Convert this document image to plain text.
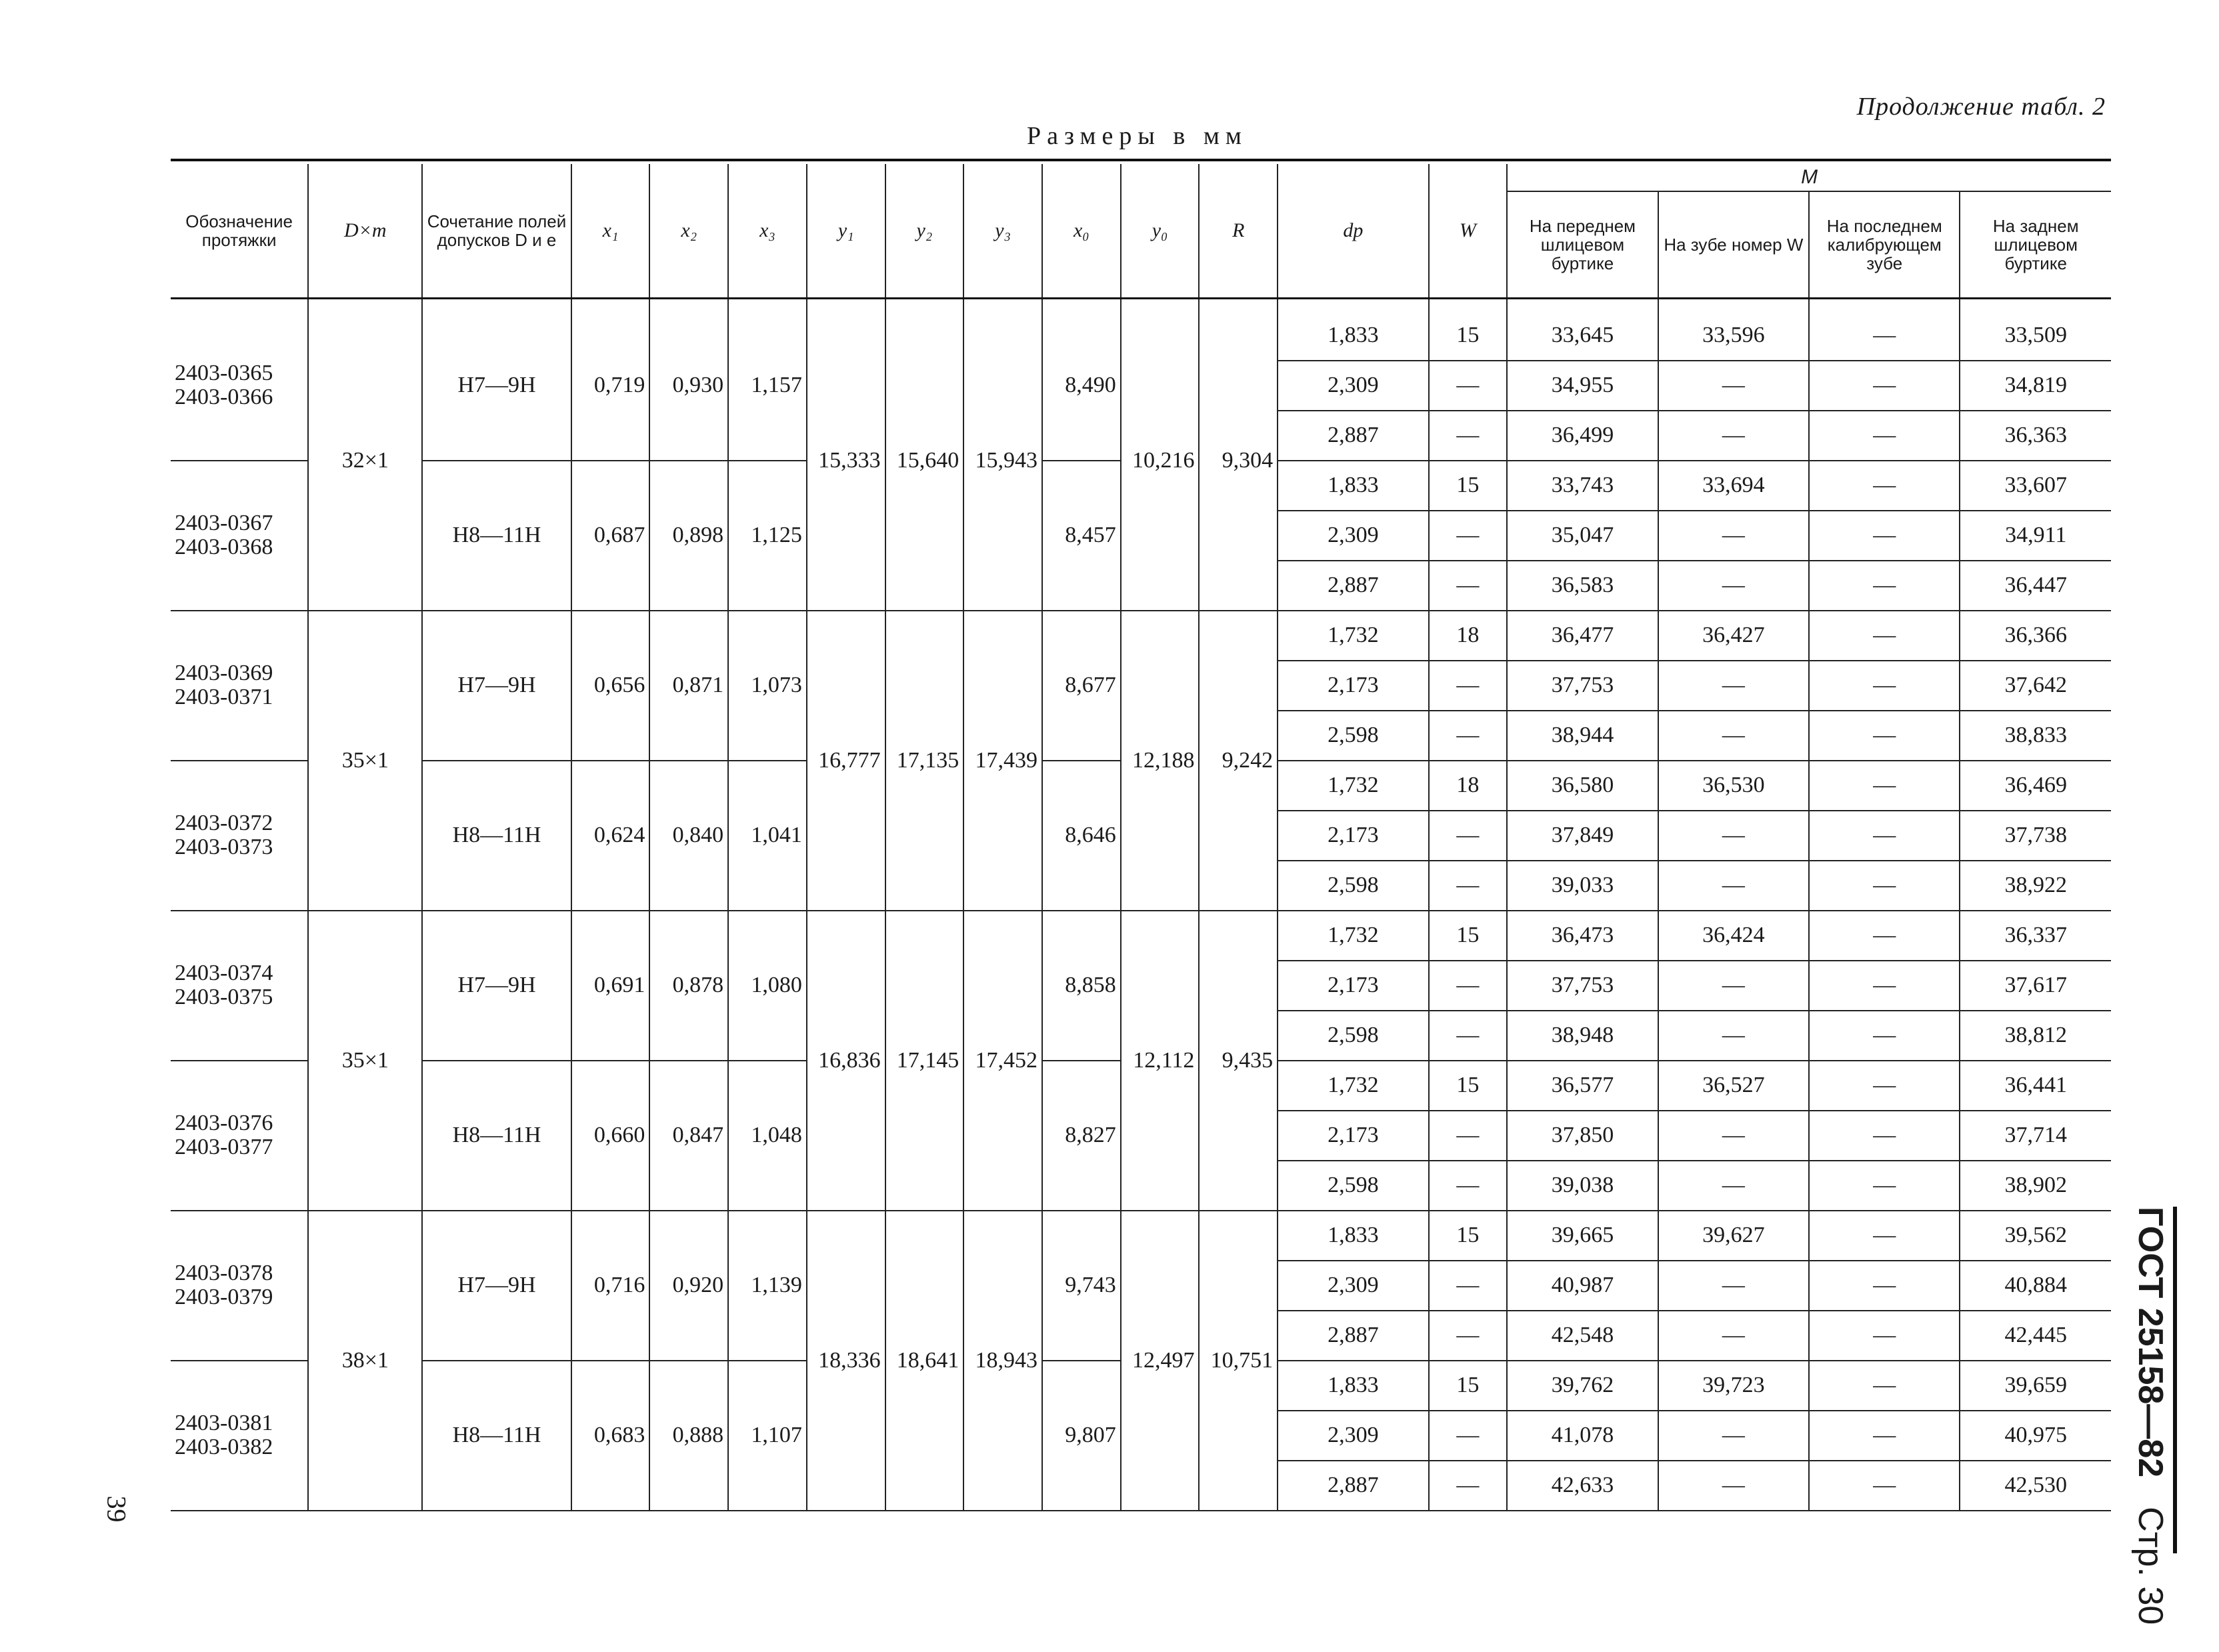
Продолжение табл. 2
Размеры в мм
Обозначение протяжки	D×m	Сочетание полей допусков D и e	x₁	x₂	x₃	y₁	y₂	y₃	x₀	y₀	R	dp	W	M			
														На переднем шлицевом буртике	На зубе номер W	На последнем калибрующем зубе	На заднем шлицевом буртике

2403-0365
2403-0366	32×1	H7—9H	0,719	0,930	1,157	15,333	15,640	15,943	8,490	10,216	9,304	1,833	15	33,645	33,596	—	33,509
												2,309	—	34,955	—	—	34,819
												2,887	—	36,499	—	—	36,363
2403-0367
2403-0368		H8—11H	0,687	0,898	1,125				8,457			1,833	15	33,743	33,694	—	33,607
												2,309	—	35,047	—	—	34,911
												2,887	—	36,583	—	—	36,447
2403-0369
2403-0371	35×1	H7—9H	0,656	0,871	1,073	16,777	17,135	17,439	8,677	12,188	9,242	1,732	18	36,477	36,427	—	36,366
												2,173	—	37,753	—	—	37,642
												2,598	—	38,944	—	—	38,833
2403-0372
2403-0373		H8—11H	0,624	0,840	1,041				8,646			1,732	18	36,580	36,530	—	36,469
												2,173	—	37,849	—	—	37,738
												2,598	—	39,033	—	—	38,922
2403-0374
2403-0375	35×1	H7—9H	0,691	0,878	1,080	16,836	17,145	17,452	8,858	12,112	9,435	1,732	15	36,473	36,424	—	36,337
												2,173	—	37,753	—	—	37,617
												2,598	—	38,948	—	—	38,812
2403-0376
2403-0377		H8—11H	0,660	0,847	1,048				8,827			1,732	15	36,577	36,527	—	36,441
												2,173	—	37,850	—	—	37,714
												2,598	—	39,038	—	—	38,902
2403-0378
2403-0379	38×1	H7—9H	0,716	0,920	1,139	18,336	18,641	18,943	9,743	12,497	10,751	1,833	15	39,665	39,627	—	39,562
												2,309	—	40,987	—	—	40,884
												2,887	—	42,548	—	—	42,445
2403-0381
2403-0382		H8—11H	0,683	0,888	1,107				9,807			1,833	15	39,762	39,723	—	39,659
												2,309	—	41,078	—	—	40,975
												2,887	—	42,633	—	—	42,530
39
ГОСТ 25158—82
Стр. 30
